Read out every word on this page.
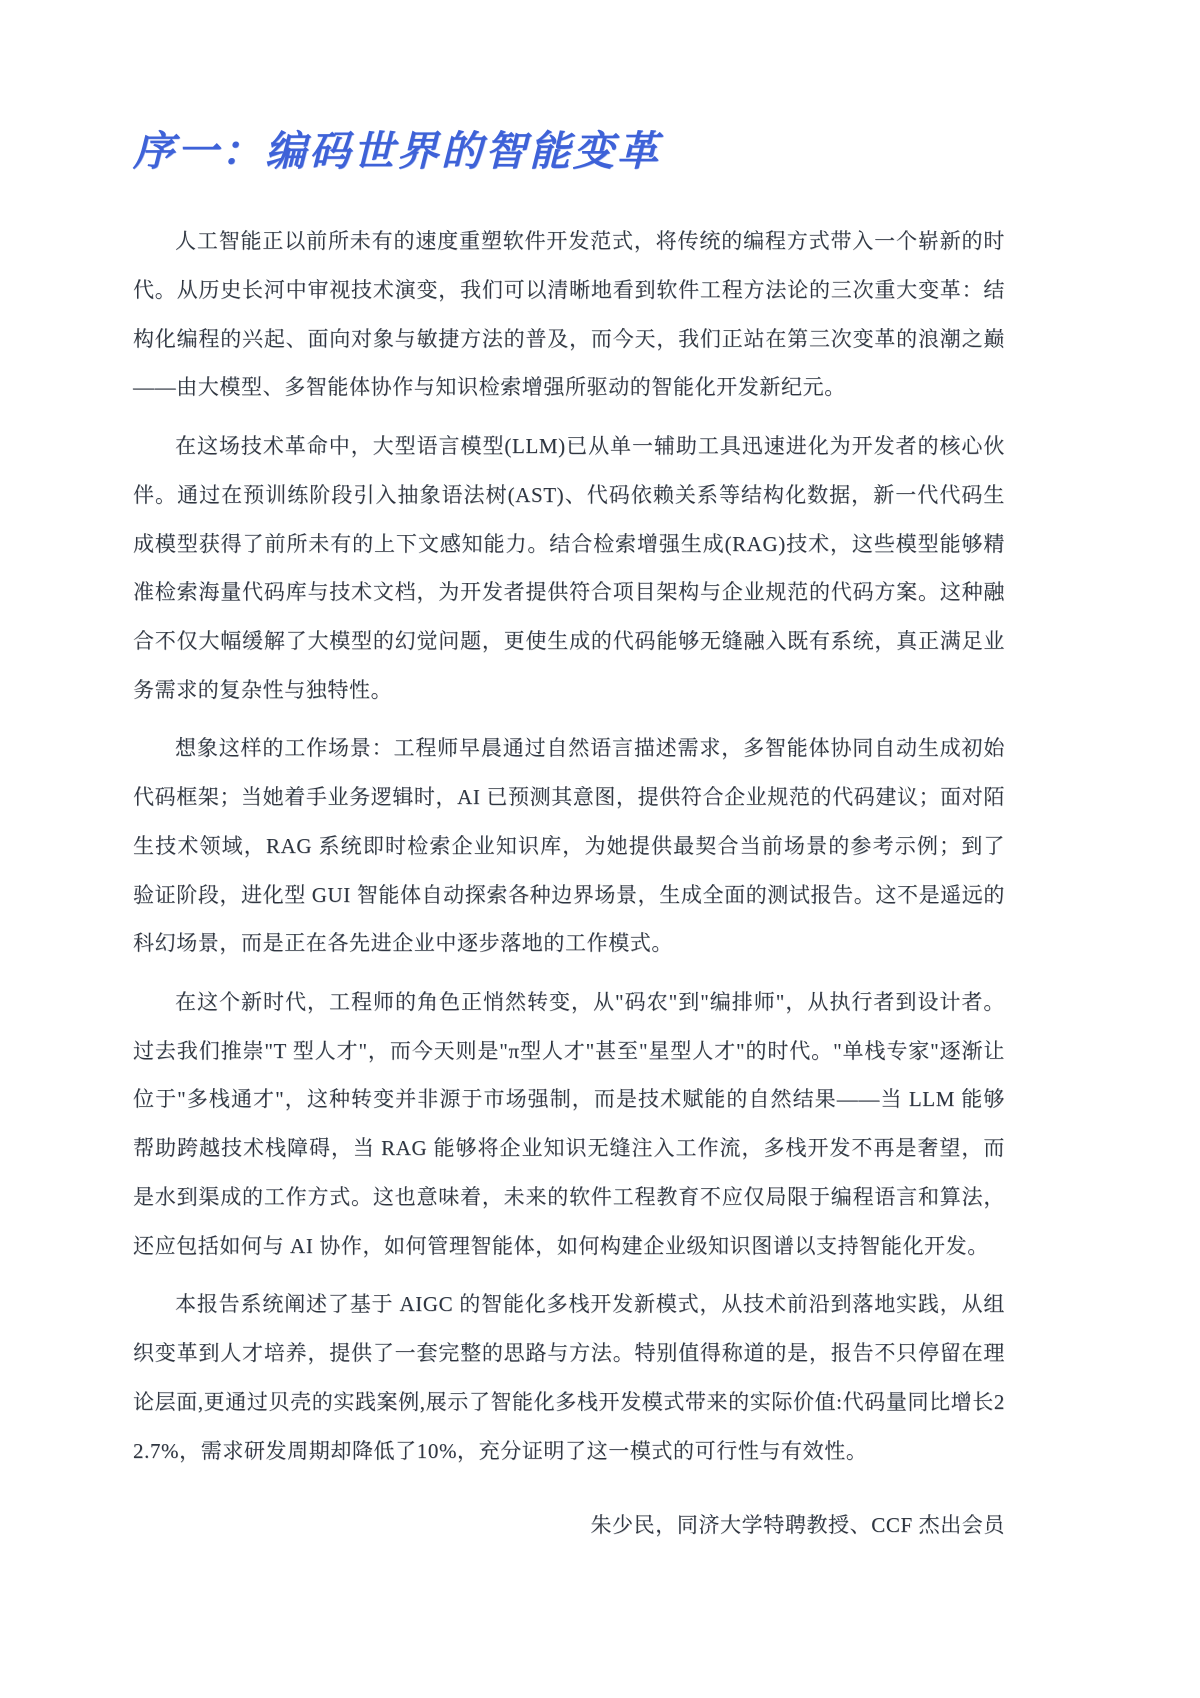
序一：编码世界的智能变革

人工智能正以前所未有的速度重塑软件开发范式，将传统的编程方式带入一个崭新的时代。从历史长河中审视技术演变，我们可以清晰地看到软件工程方法论的三次重大变革：结构化编程的兴起、面向对象与敏捷方法的普及，而今天，我们正站在第三次变革的浪潮之巅——由大模型、多智能体协作与知识检索增强所驱动的智能化开发新纪元。

在这场技术革命中，大型语言模型(LLM)已从单一辅助工具迅速进化为开发者的核心伙伴。通过在预训练阶段引入抽象语法树(AST)、代码依赖关系等结构化数据，新一代代码生成模型获得了前所未有的上下文感知能力。结合检索增强生成(RAG)技术，这些模型能够精准检索海量代码库与技术文档，为开发者提供符合项目架构与企业规范的代码方案。这种融合不仅大幅缓解了大模型的幻觉问题，更使生成的代码能够无缝融入既有系统，真正满足业务需求的复杂性与独特性。

想象这样的工作场景：工程师早晨通过自然语言描述需求，多智能体协同自动生成初始代码框架；当她着手业务逻辑时，AI 已预测其意图，提供符合企业规范的代码建议；面对陌生技术领域，RAG 系统即时检索企业知识库，为她提供最契合当前场景的参考示例；到了验证阶段，进化型 GUI 智能体自动探索各种边界场景，生成全面的测试报告。这不是遥远的科幻场景，而是正在各先进企业中逐步落地的工作模式。

在这个新时代，工程师的角色正悄然转变，从"码农"到"编排师"，从执行者到设计者。过去我们推崇"T 型人才"，而今天则是"π型人才"甚至"星型人才"的时代。"单栈专家"逐渐让位于"多栈通才"，这种转变并非源于市场强制，而是技术赋能的自然结果——当 LLM 能够帮助跨越技术栈障碍，当 RAG 能够将企业知识无缝注入工作流，多栈开发不再是奢望，而是水到渠成的工作方式。这也意味着，未来的软件工程教育不应仅局限于编程语言和算法，还应包括如何与 AI 协作，如何管理智能体，如何构建企业级知识图谱以支持智能化开发。

本报告系统阐述了基于 AIGC 的智能化多栈开发新模式，从技术前沿到落地实践，从组织变革到人才培养，提供了一套完整的思路与方法。特别值得称道的是，报告不只停留在理论层面,更通过贝壳的实践案例,展示了智能化多栈开发模式带来的实际价值:代码量同比增长22.7%，需求研发周期却降低了10%，充分证明了这一模式的可行性与有效性。

朱少民，同济大学特聘教授、CCF 杰出会员
